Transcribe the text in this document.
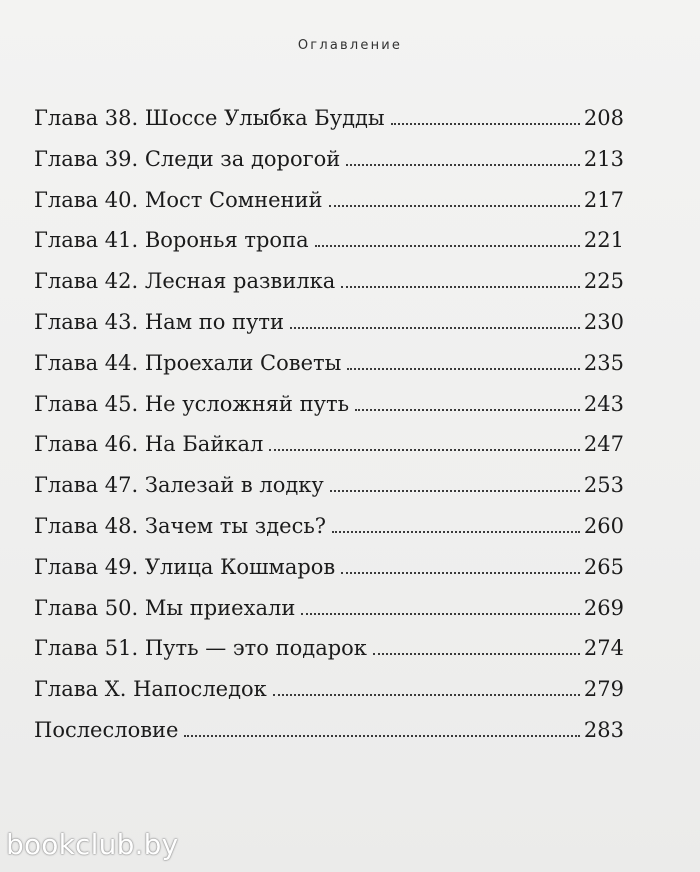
Оглавление
Глава 38. Шоссе Улыбка Будды	208
Глава 39. Следи за дорогой	213
Глава 40. Мост Сомнений	217
Глава 41. Воронья тропа	221
Глава 42. Лесная развилка	225
Глава 43. Нам по пути	230
Глава 44. Проехали Советы	235
Глава 45. Не усложняй путь	243
Глава 46. На Байкал	247
Глава 47. Залезай в лодку	253
Глава 48. Зачем ты здесь?	260
Глава 49. Улица Кошмаров	265
Глава 50. Мы приехали	269
Глава 51. Путь — это подарок	274
Глава X. Напоследок	279
Послесловие	283
bookclub.by
